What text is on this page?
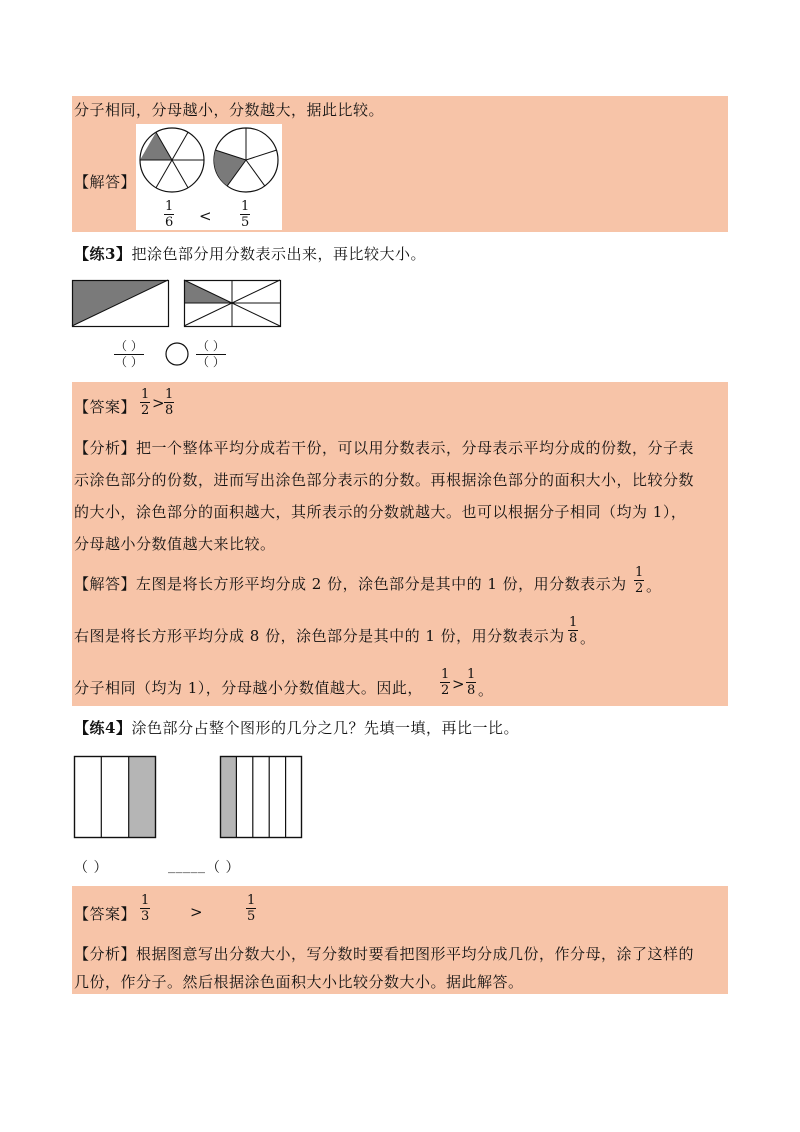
分子相同，分母越小，分数越大，据此比较。
【解答】
1
6 <
1
5
【练3】把涂色部分用分数表示出来，再比较大小。
（ ）
（ ）
（ ）
（ ）
【答案】
1
2 > 1
8
【分析】把一个整体平均分成若干份，可以用分数表示，分母表示平均分成的份数，分子表
示涂色部分的份数，进而写出涂色部分表示的分数。再根据涂色部分的面积大小，比较分数
的大小，涂色部分的面积越大，其所表示的分数就越大。也可以根据分子相同（均为 1），
分母越小分数值越大来比较。
【解答】左图是将长方形平均分成 2 份，涂色部分是其中的 1 份，用分数表示为
1
2 。
右图是将长方形平均分成 8 份，涂色部分是其中的 1 份，用分数表示为
1
8 。
分子相同（均为 1），分母越小分数值越大。因此，
1
2 >
1
8 。
【练4】涂色部分占整个图形的几分之几？先填一填，再比一比。
（ ）	_____ （ ）
【答案】
1
3	>
1
5
【分析】根据图意写出分数大小，写分数时要看把图形平均分成几份，作分母，涂了这样的
几份，作分子。然后根据涂色面积大小比较分数大小。据此解答。
